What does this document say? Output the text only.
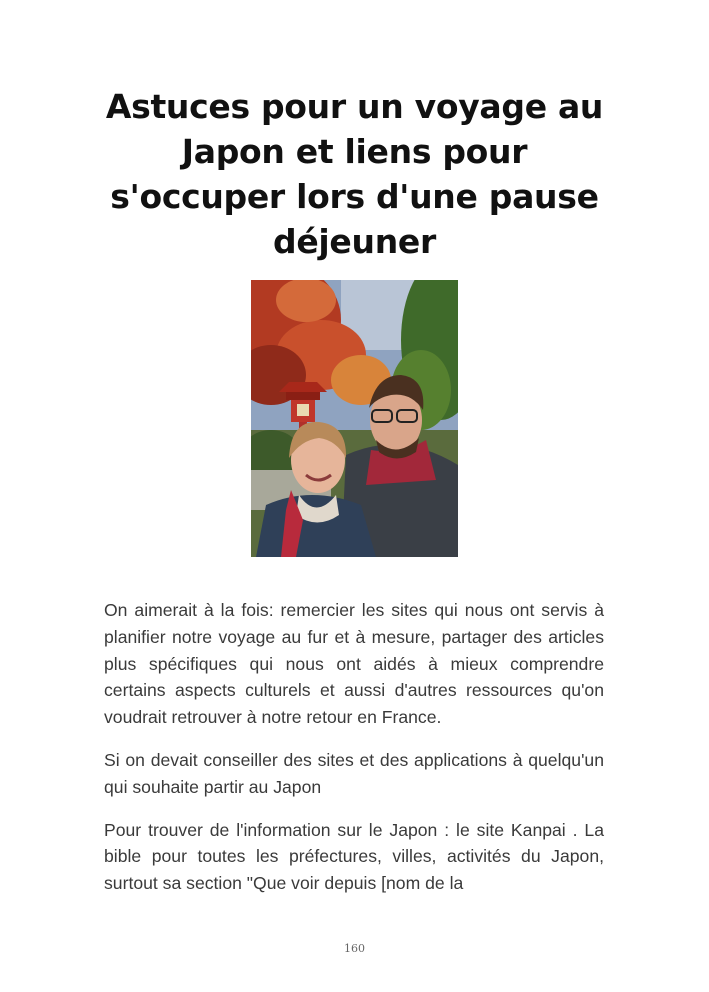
Astuces pour un voyage au Japon et liens pour s'occuper lors d'une pause déjeuner

On aimerait à la fois: remercier les sites qui nous ont servis à planifier notre voyage au fur et à mesure, partager des articles plus spécifiques qui nous ont aidés à mieux comprendre certains aspects culturels et aussi d'autres ressources qu'on voudrait retrouver à notre retour en France.

Si on devait conseiller des sites et des applications à quelqu'un qui souhaite partir au Japon

Pour trouver de l'information sur le Japon : le site Kanpai . La bible pour toutes les préfectures, villes, activités du Japon, surtout sa section "Que voir depuis [nom de la

160
